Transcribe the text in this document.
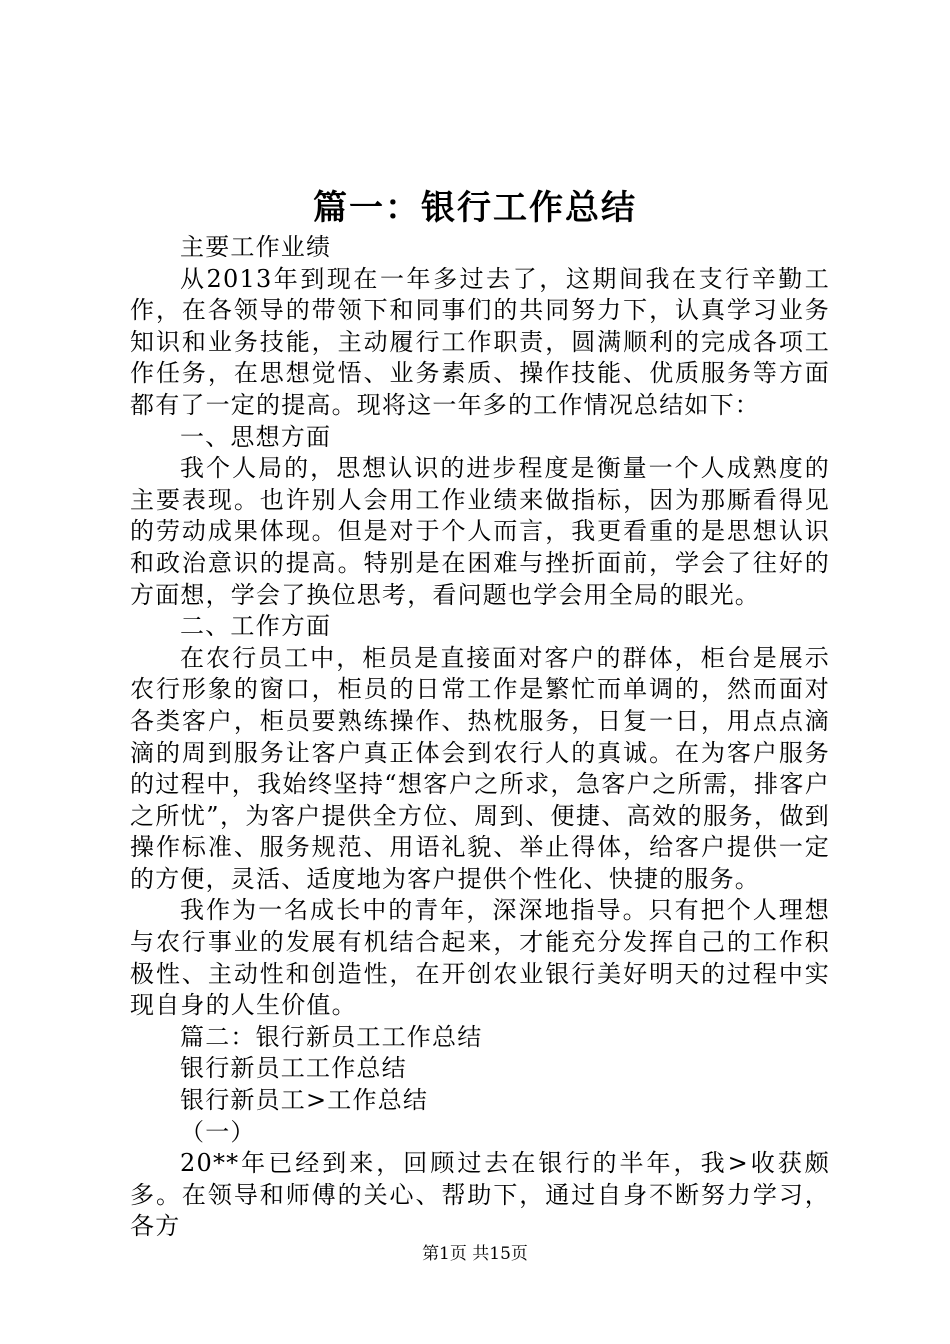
篇一：银行工作总结

主要工作业绩

从2013年到现在一年多过去了，这期间我在支行辛勤工作，在各领导的带领下和同事们的共同努力下，认真学习业务知识和业务技能，主动履行工作职责，圆满顺利的完成各项工作任务，在思想觉悟、业务素质、操作技能、优质服务等方面都有了一定的提高。现将这一年多的工作情况总结如下：

一、思想方面

我个人局的，思想认识的进步程度是衡量一个人成熟度的主要表现。也许别人会用工作业绩来做指标，因为那厮看得见的劳动成果体现。但是对于个人而言，我更看重的是思想认识和政治意识的提高。特别是在困难与挫折面前，学会了往好的方面想，学会了换位思考，看问题也学会用全局的眼光。

二、工作方面

在农行员工中，柜员是直接面对客户的群体，柜台是展示农行形象的窗口，柜员的日常工作是繁忙而单调的，然而面对各类客户，柜员要熟练操作、热枕服务，日复一日，用点点滴滴的周到服务让客户真正体会到农行人的真诚。在为客户服务的过程中，我始终坚持“想客户之所求，急客户之所需，排客户之所忧”，为客户提供全方位、周到、便捷、高效的服务，做到操作标准、服务规范、用语礼貌、举止得体，给客户提供一定的方便，灵活、适度地为客户提供个性化、快捷的服务。

我作为一名成长中的青年，深深地指导。只有把个人理想与农行事业的发展有机结合起来，才能充分发挥自己的工作积极性、主动性和创造性，在开创农业银行美好明天的过程中实现自身的人生价值。

篇二：银行新员工工作总结

银行新员工工作总结

银行新员工>工作总结

（一）

20**年已经到来，回顾过去在银行的半年，我>收获颇多。在领导和师傅的关心、帮助下，通过自身不断努力学习，各方

第1页 共15页
